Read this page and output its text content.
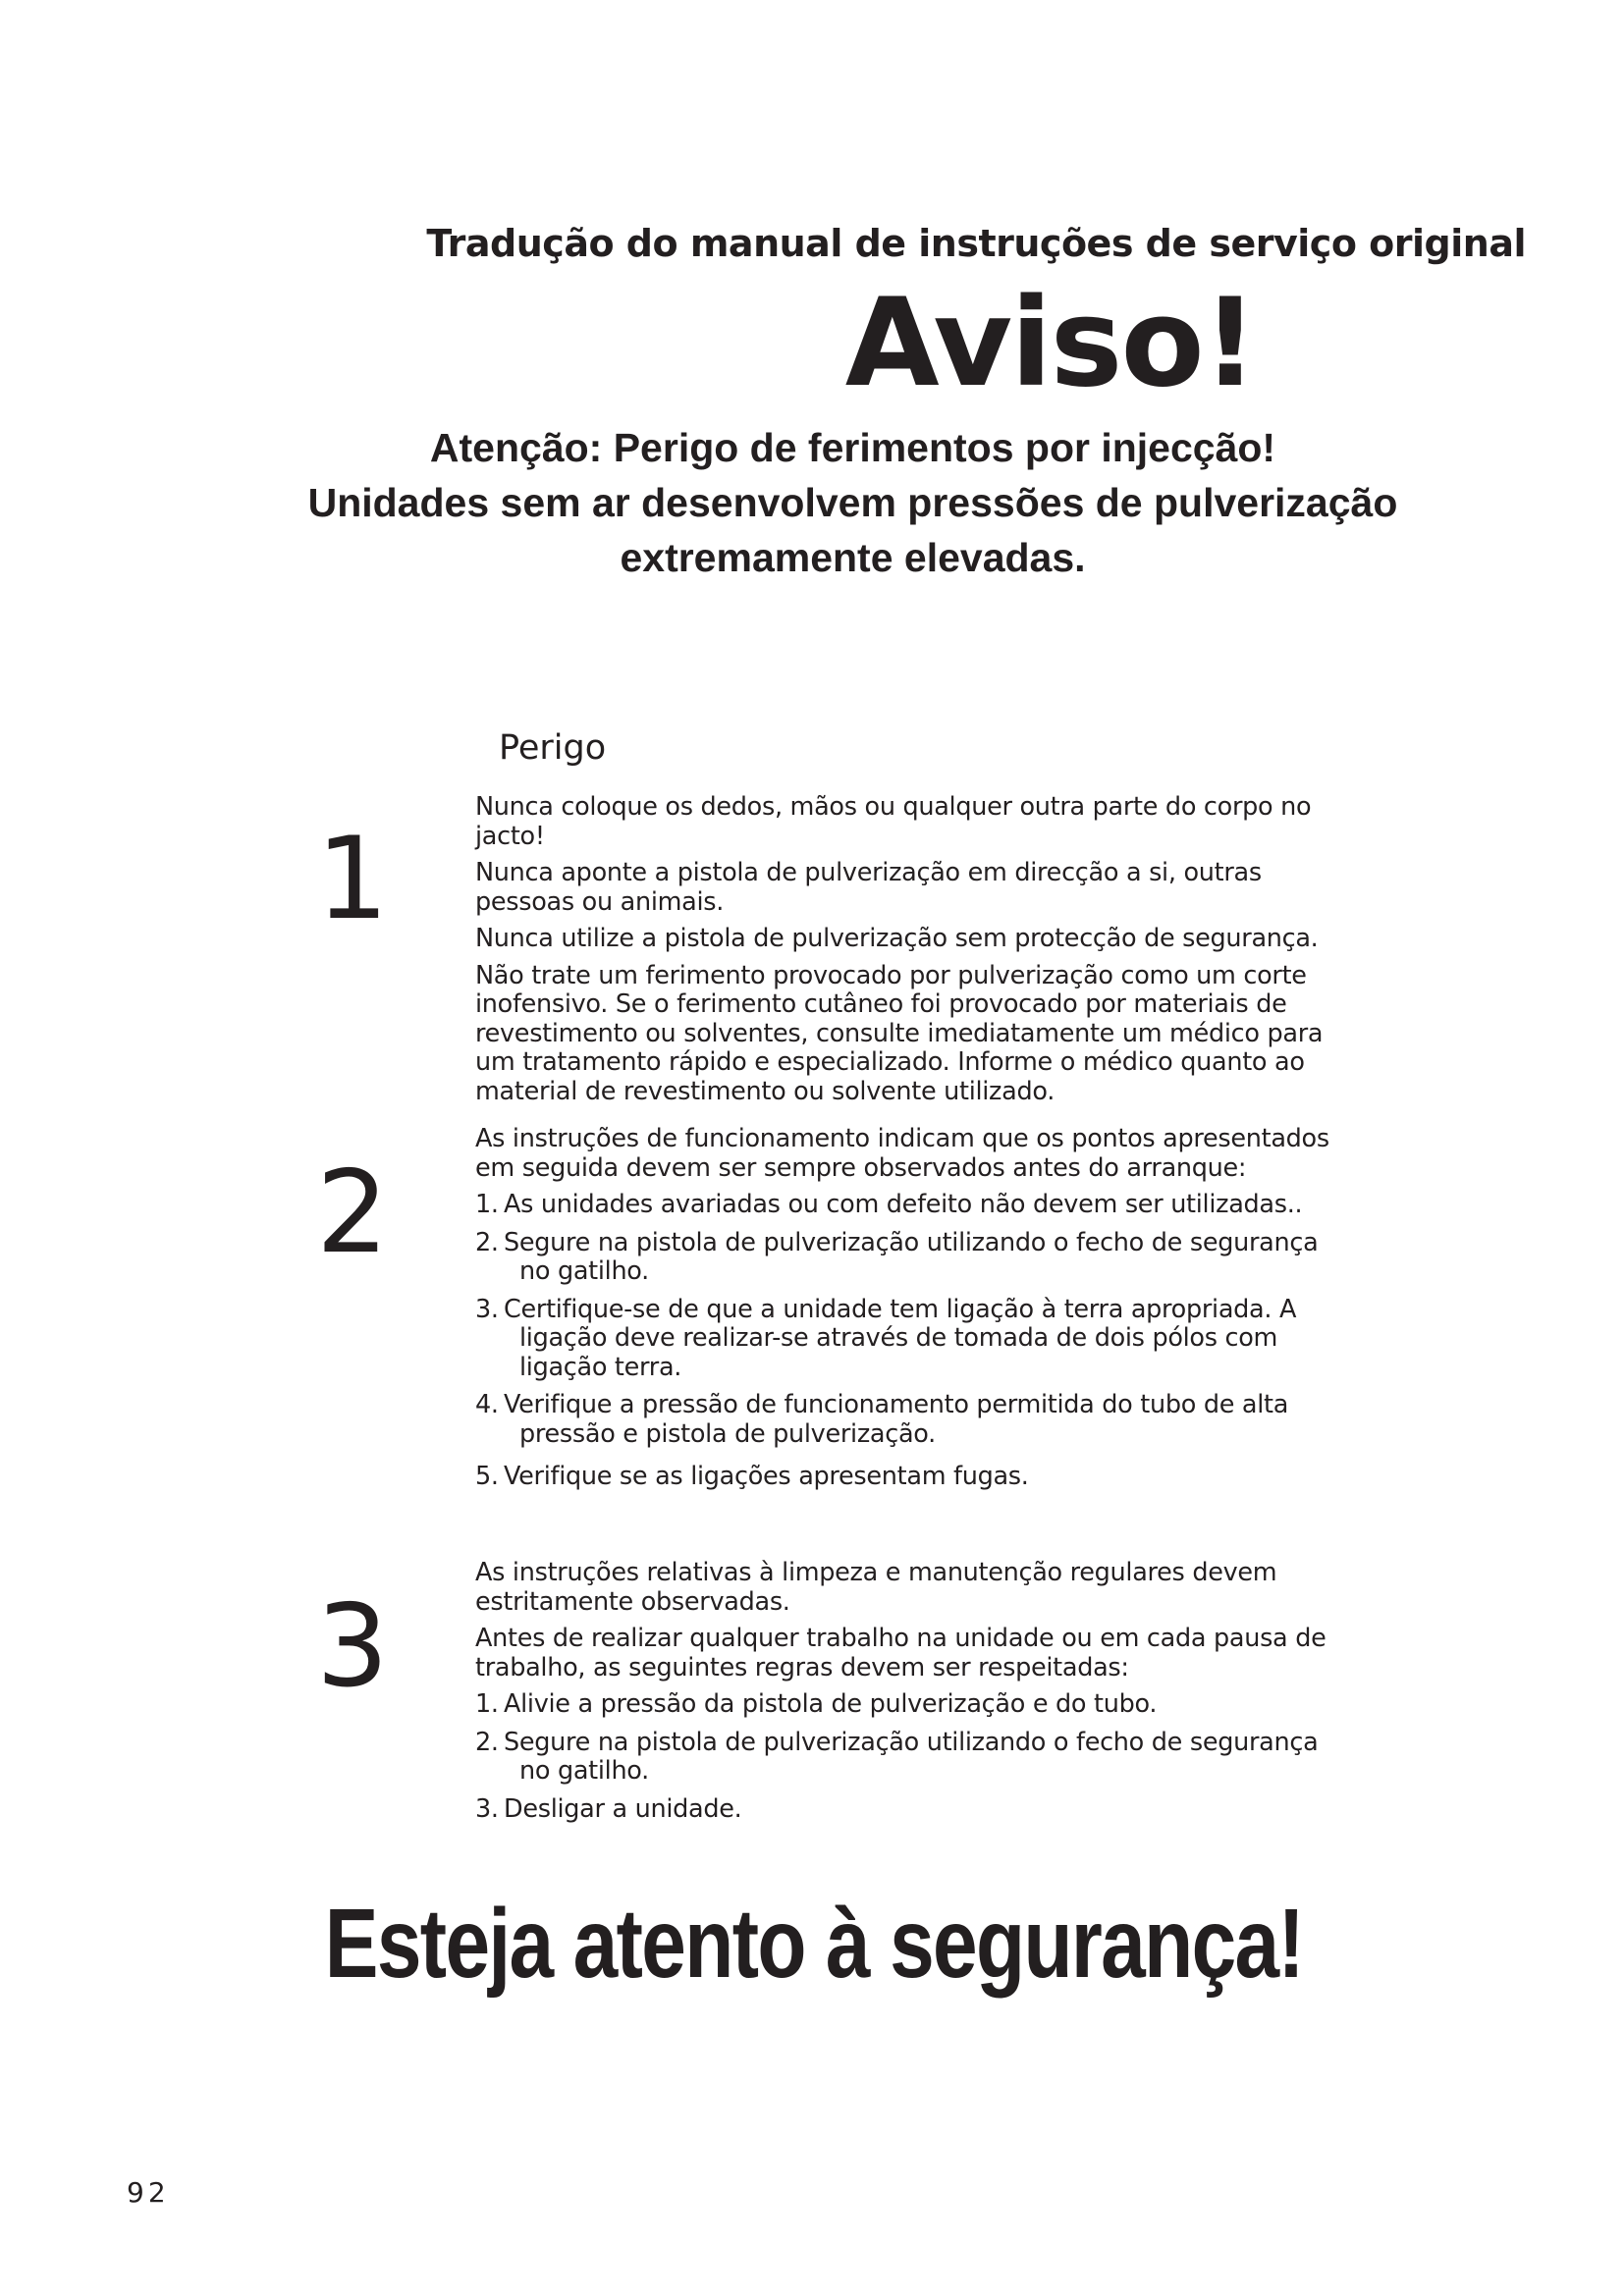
Tradução do manual de instruções de serviço original
Aviso!
Atenção: Perigo de ferimentos por injecção!
Unidades sem ar desenvolvem pressões de pulverização
extremamente elevadas.
Perigo
1

Nunca coloque os dedos, mãos ou qualquer outra parte do corpo no jacto!

Nunca aponte a pistola de pulverização em direcção a si, outras pessoas ou animais.

Nunca utilize a pistola de pulverização sem protecção de segurança.

Não trate um ferimento provocado por pulverização como um corte inofensivo. Se o ferimento cutâneo foi provocado por materiais de revestimento ou solventes, consulte imediatamente um médico para um tratamento rápido e especializado. Informe o médico quanto ao material de revestimento ou solvente utilizado.

2

As instruções de funcionamento indicam que os pontos apresentados em seguida devem ser sempre observados antes do arranque:

1. As unidades avariadas ou com defeito não devem ser utilizadas..
2. Segure na pistola de pulverização utilizando o fecho de segurança no gatilho.
3. Certifique-se de que a unidade tem ligação à terra apropriada. A ligação deve realizar-se através de tomada de dois pólos com ligação terra.
4. Verifique a pressão de funcionamento permitida do tubo de alta pressão e pistola de pulverização.
5. Verifique se as ligações apresentam fugas.
3

As instruções relativas à limpeza e manutenção regulares devem estritamente observadas.

Antes de realizar qualquer trabalho na unidade ou em cada pausa de trabalho, as seguintes regras devem ser respeitadas:

1. Alivie a pressão da pistola de pulverização e do tubo.
2. Segure na pistola de pulverização utilizando o fecho de segurança no gatilho.
3. Desligar a unidade.
Esteja atento à segurança!
92
